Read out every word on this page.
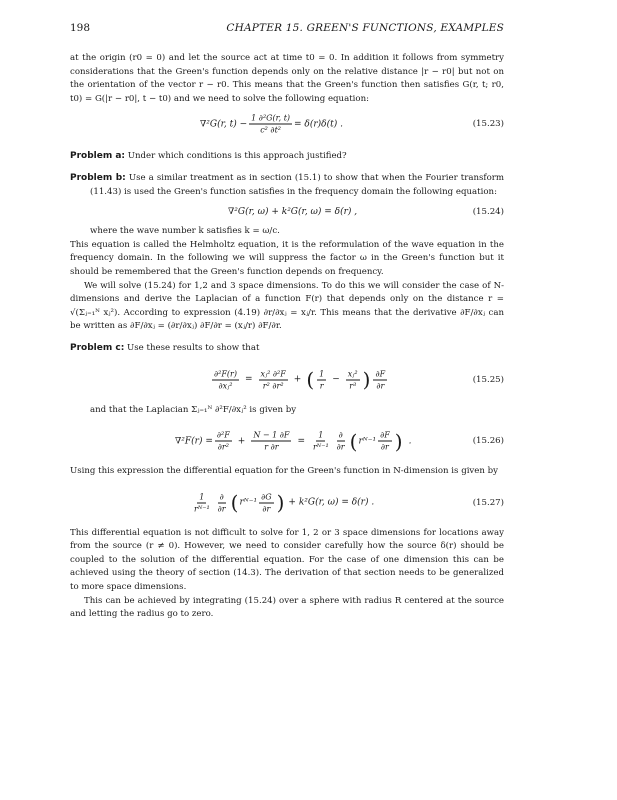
198	CHAPTER 15. GREEN'S FUNCTIONS, EXAMPLES

at the origin (r0 = 0) and let the source act at time t0 = 0. In addition it follows from symmetry considerations that the Green's function depends only on the relative distance |r − r0| but not on the orientation of the vector r − r0. This means that the Green's function then satisfies G(r, t; r0, t0) = G(|r − r0|, t − t0) and we need to solve the following equation:

∇²G(r, $t) - \frac{\text{1 ∂²G(r, t)}}{\text{c² ∂t²}} = \delta(r)\delta(t)$ .	(15.23)

Problem a: Under which conditions is this approach justified?

Problem b: Use a similar treatment as in section (15.1) to show that when the Fourier transform (11.43) is used the Green's function satisfies in the frequency domain the following equation:

∇²G(r, ω) + k²G(r, ω) = δ(r) ,	(15.24)

where the wave number k satisfies k = ω/c.

This equation is called the Helmholtz equation, it is the reformulation of the wave equation in the frequency domain. In the following we will suppress the factor ω in the Green's function but it should be remembered that the Green's function depends on frequency.

We will solve (15.24) for 1,2 and 3 space dimensions. To do this we will consider the case of N-dimensions and derive the Laplacian of a function F(r) that depends only on the distance r = √(Σⱼ₌₁ᴺ xⱼ²). According to expression (4.19) ∂r/∂xⱼ = xⱼ/r. This means that the derivative ∂F/∂xⱼ can be written as ∂F/∂xⱼ = (∂r/∂xⱼ) ∂F/∂r = (xⱼ/r) ∂F/∂r.

Problem c: Use these results to show that

$\frac{\text{∂²F(r)}}{\text{∂xⱼ²}} = \frac{\text{xⱼ² ∂²F}}{\text{r² ∂r²}}$ + ( $\frac{1}{r} - \frac{\text{xⱼ²}}{\text{r³}}$ ) $\frac{\partial F}{\partial r}$	(15.25)

and that the Laplacian Σⱼ₌₁ᴺ ∂²F/∂xⱼ² is given by

$\nabla^2F(r) = \frac{\text{∂²F}}{\text{∂r²}} + \frac{N - 1 \partial F}{r \partial r} = \frac{1}{\text{rᴺ⁻¹}} \frac{\partial}{\partial r}$ ( rᴺ⁻¹ $\frac{\partial F}{\partial r}$ ) .	(15.26)

Using this expression the differential equation for the Green's function in N-dimension is given by

$\frac{1}{\text{rᴺ⁻¹}} \frac{\partial}{\partial r}$ ( rᴺ⁻¹ $\frac{\partial G}{\partial r}$ ) + k²G(r, ω) = δ(r) .	(15.27)

This differential equation is not difficult to solve for 1, 2 or 3 space dimensions for locations away from the source (r ≠ 0). However, we need to consider carefully how the source δ(r) should be coupled to the solution of the differential equation. For the case of one dimension this can be achieved using the theory of section (14.3). The derivation of that section needs to be generalized to more space dimensions.

This can be achieved by integrating (15.24) over a sphere with radius R centered at the source and letting the radius go to zero.
